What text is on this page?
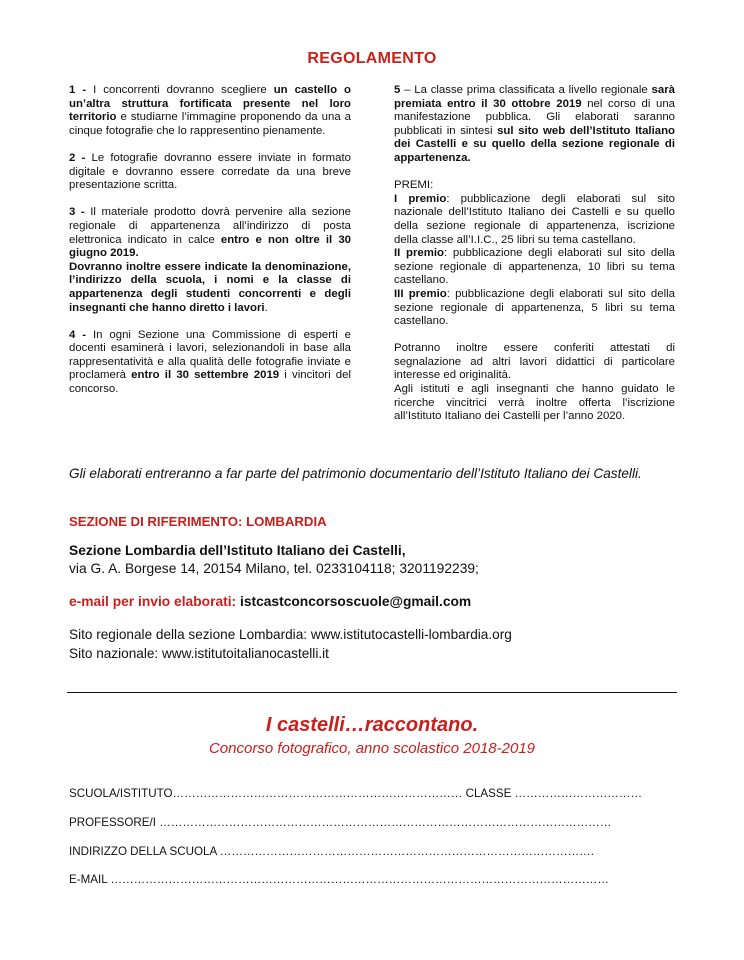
REGOLAMENTO

1 - I concorrenti dovranno scegliere un castello o un’altra struttura fortificata presente nel loro territorio e studiarne l’immagine proponendo da una a cinque fotografie che lo rappresentino pienamente.

2 - Le fotografie dovranno essere inviate in formato digitale e dovranno essere corredate da una breve presentazione scritta.

3 - Il materiale prodotto dovrà pervenire alla sezione regionale di appartenenza all’indirizzo di posta elettronica indicato in calce entro e non oltre il 30 giugno 2019.

Dovranno inoltre essere indicate la denominazione, l’indirizzo della scuola, i nomi e la classe di appartenenza degli studenti concorrenti e degli insegnanti che hanno diretto i lavori.

4 - In ogni Sezione una Commissione di esperti e docenti esaminerà i lavori, selezionandoli in base alla rappresentatività e alla qualità delle fotografie inviate e proclamerà entro il 30 settembre 2019 i vincitori del concorso.

5 – La classe prima classificata a livello regionale sarà premiata entro il 30 ottobre 2019 nel corso di una manifestazione pubblica. Gli elaborati saranno pubblicati in sintesi sul sito web dell’Istituto Italiano dei Castelli e su quello della sezione regionale di appartenenza.

PREMI:

I premio: pubblicazione degli elaborati sul sito nazionale dell’Istituto Italiano dei Castelli e su quello della sezione regionale di appartenenza, iscrizione della classe all’I.I.C., 25 libri su tema castellano.

II premio: pubblicazione degli elaborati sul sito della sezione regionale di appartenenza, 10 libri su tema castellano.

III premio: pubblicazione degli elaborati sul sito della sezione regionale di appartenenza, 5 libri su tema castellano.

Potranno inoltre essere conferiti attestati di segnalazione ad altri lavori didattici di particolare interesse ed originalità.

Agli istituti e agli insegnanti che hanno guidato le ricerche vincitrici verrà inoltre offerta l’iscrizione all’Istituto Italiano dei Castelli per l’anno 2020.

Gli elaborati entreranno a far parte del patrimonio documentario dell’Istituto Italiano dei Castelli.
SEZIONE DI RIFERIMENTO: LOMBARDIA
Sezione Lombardia dell’Istituto Italiano dei Castelli,
via G. A. Borgese 14, 20154 Milano, tel. 0233104118; 3201192239;
e-mail per invio elaborati: istcastconcorsoscuole@gmail.com
Sito regionale della sezione Lombardia: www.istitutocastelli-lombardia.org
Sito nazionale: www.istitutoitalianocastelli.it
I castelli…raccontano.
Concorso fotografico, anno scolastico 2018-2019
SCUOLA/ISTITUTO………………………………………………………………… CLASSE ……………………………
PROFESSORE/I ………………………………………………………………………………………………………
INDIRIZZO DELLA SCUOLA …………………………………………………………………………………….
E-MAIL …………………………………………………………………………………………………………………
